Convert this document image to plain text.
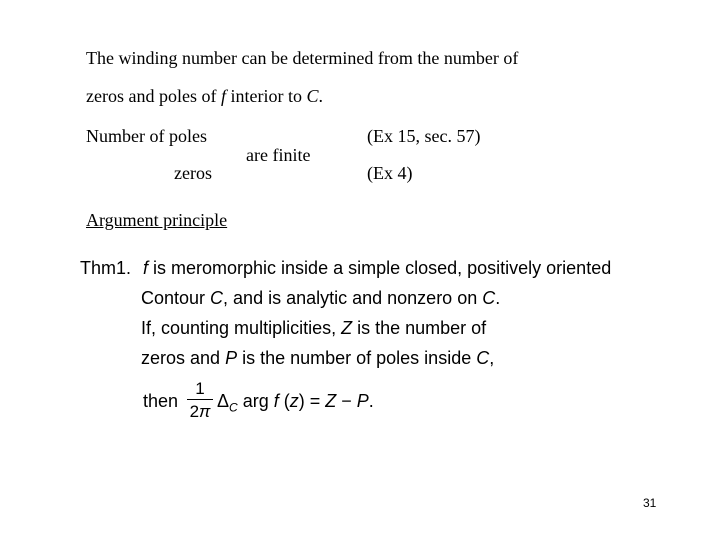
The winding number can be determined from the number of
zeros and poles of f interior to C.
Number of poles
zeros
are finite
(Ex 15, sec. 57)
(Ex 4)
Argument principle
Thm1. f is meromorphic inside a simple closed, positively oriented
Contour C, and is analytic and nonzero on C.
If, counting multiplicities, Z is the number of
zeros and P is the number of poles inside C,
then
1
2π
$\Delta_C$ arg f (z) = Z − P.
31
